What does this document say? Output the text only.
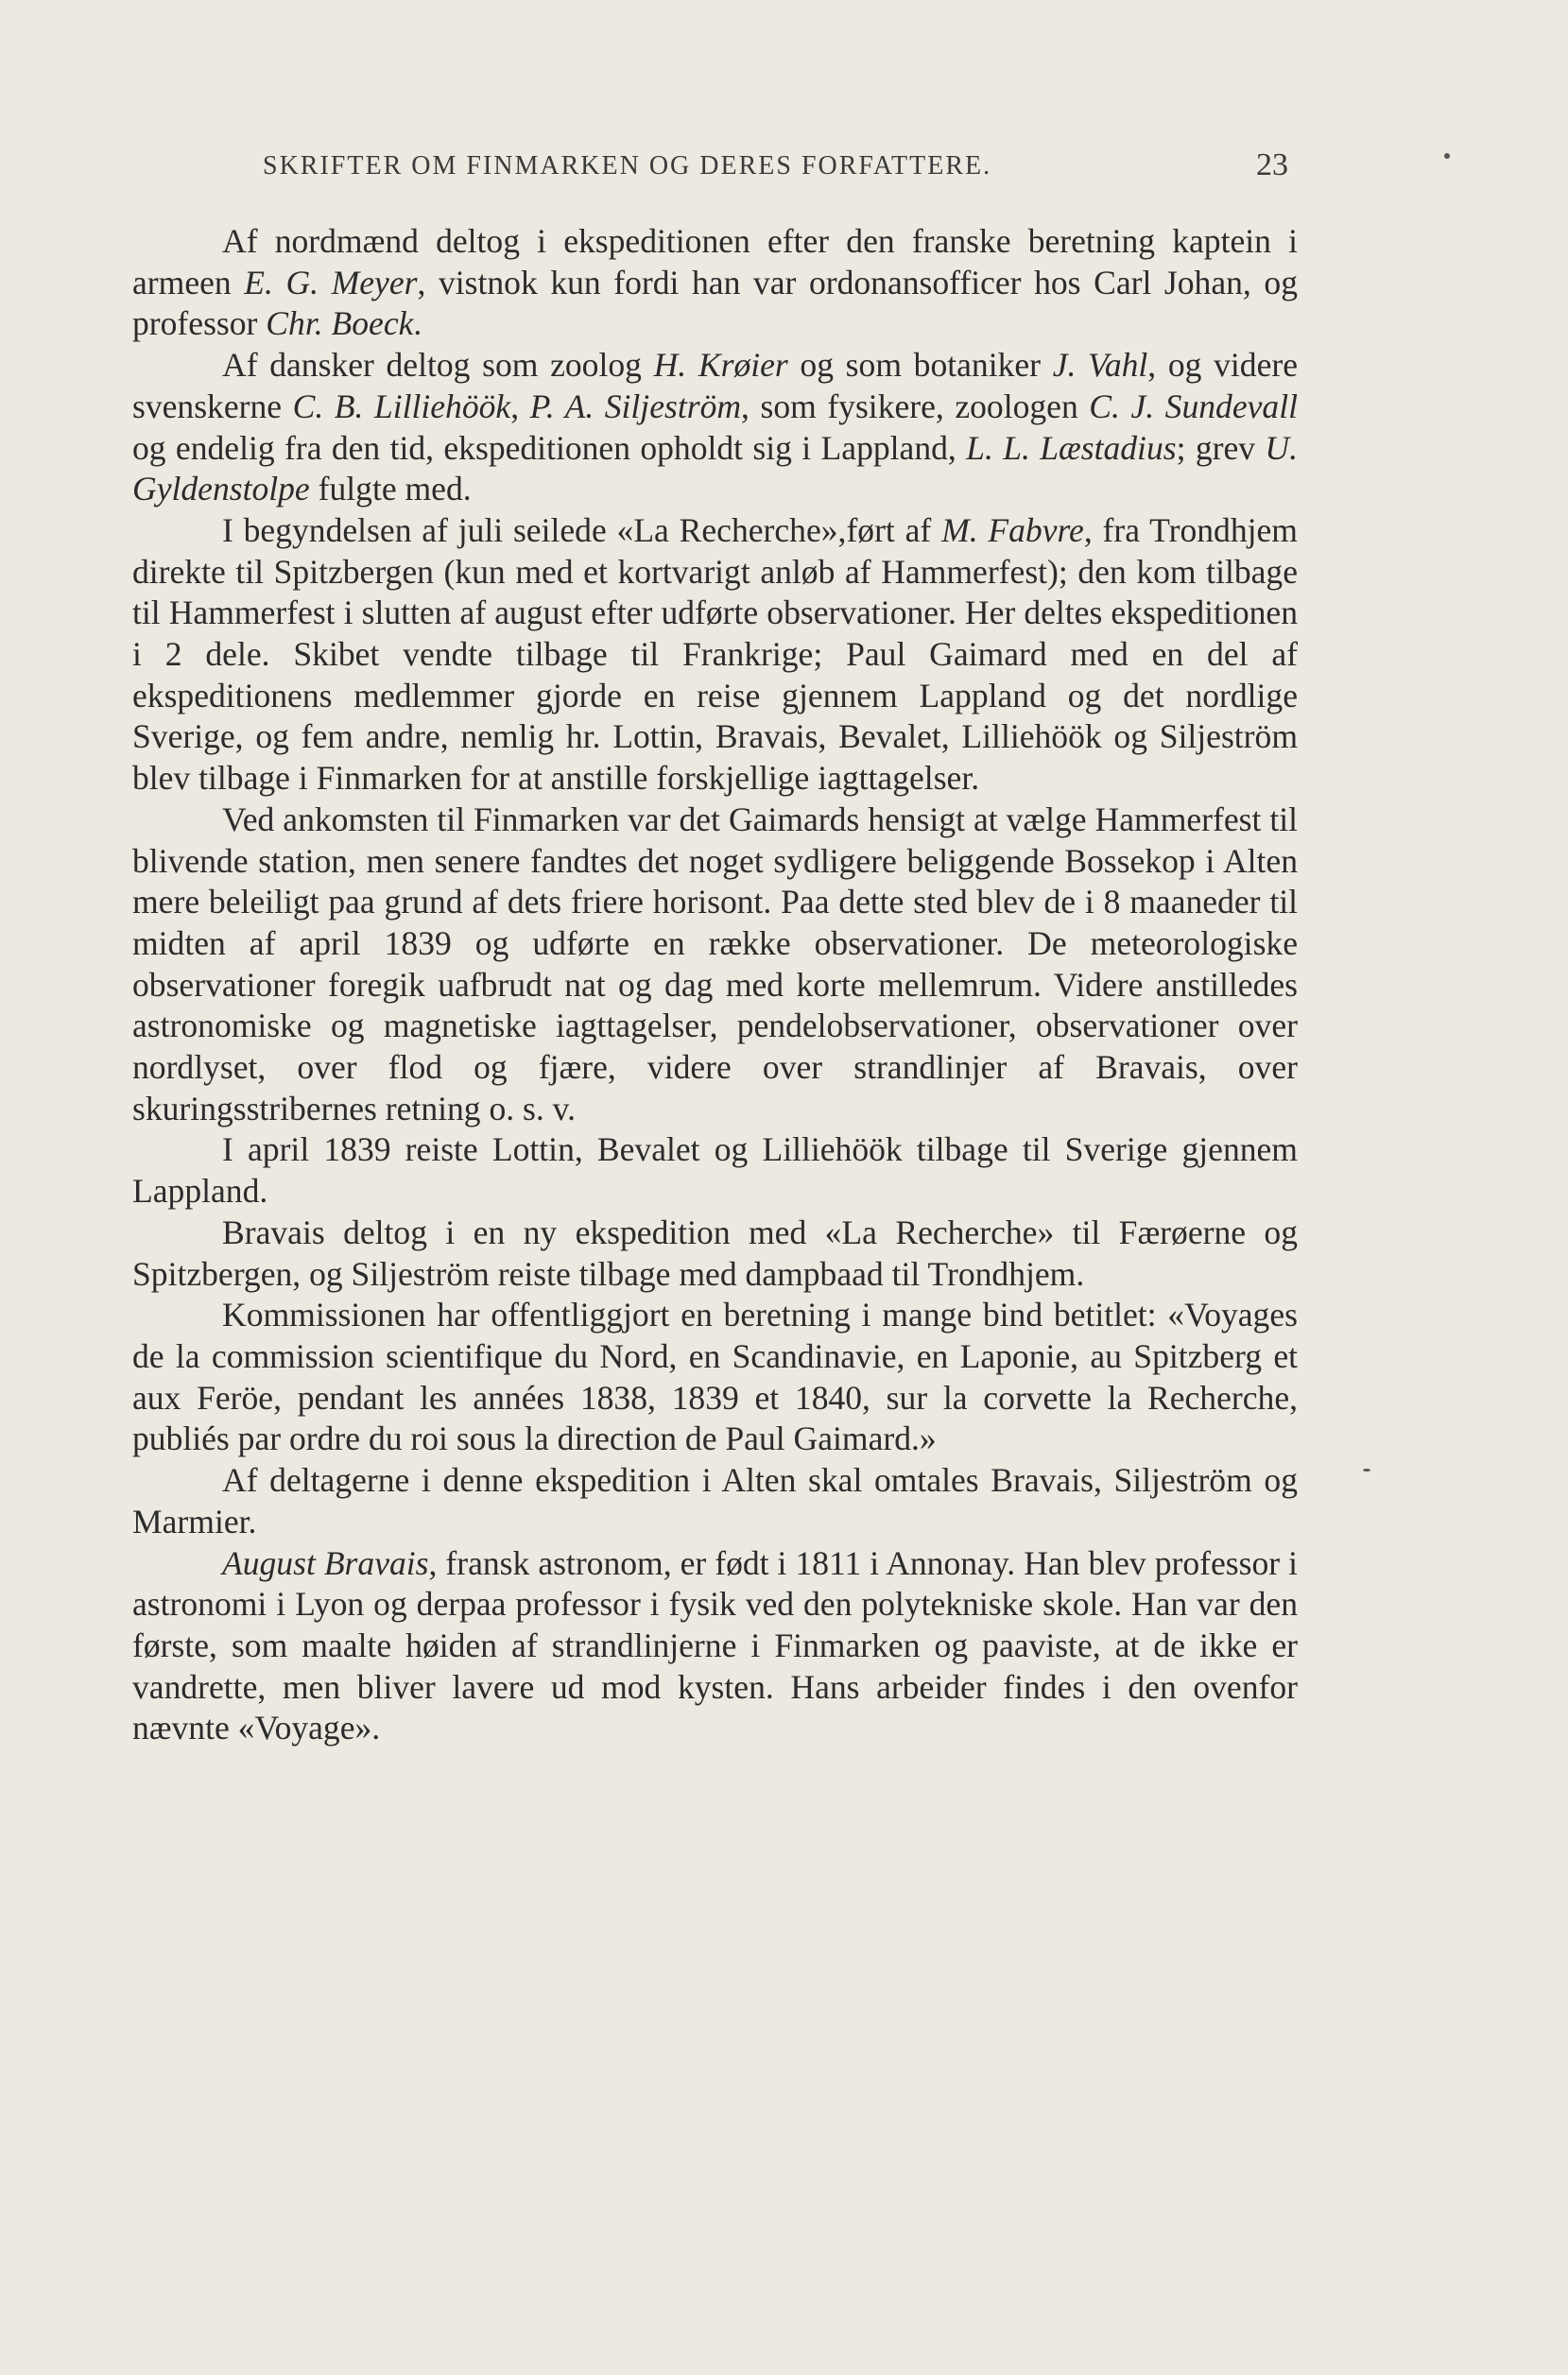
SKRIFTER OM FINMARKEN OG DERES FORFATTERE.	23

Af nordmænd deltog i ekspeditionen efter den franske beretning kaptein i armeen E. G. Meyer, vistnok kun fordi han var ordonansofficer hos Carl Johan, og professor Chr. Boeck.

Af dansker deltog som zoolog H. Krøier og som botaniker J. Vahl, og videre svenskerne C. B. Lilliehöök, P. A. Siljeström, som fysikere, zoologen C. J. Sundevall og endelig fra den tid, ekspeditionen opholdt sig i Lappland, L. L. Læstadius; grev U. Gyldenstolpe fulgte med.

I begyndelsen af juli seilede «La Recherche»,ført af M. Fabvre, fra Trondhjem direkte til Spitzbergen (kun med et kortvarigt anløb af Hammerfest); den kom tilbage til Hammerfest i slutten af august efter udførte observationer. Her deltes ekspeditionen i 2 dele. Skibet vendte tilbage til Frankrige; Paul Gaimard med en del af ekspeditionens medlemmer gjorde en reise gjennem Lappland og det nordlige Sverige, og fem andre, nemlig hr. Lottin, Bravais, Bevalet, Lilliehöök og Siljeström blev tilbage i Finmarken for at anstille forskjellige iagttagelser.

Ved ankomsten til Finmarken var det Gaimards hensigt at vælge Hammerfest til blivende station, men senere fandtes det noget sydligere beliggende Bossekop i Alten mere beleiligt paa grund af dets friere horisont. Paa dette sted blev de i 8 maaneder til midten af april 1839 og udførte en række observationer. De meteorologiske observationer foregik uafbrudt nat og dag med korte mellemrum. Videre anstilledes astronomiske og magnetiske iagttagelser, pendelobservationer, observationer over nordlyset, over flod og fjære, videre over strandlinjer af Bravais, over skuringsstribernes retning o. s. v.

I april 1839 reiste Lottin, Bevalet og Lilliehöök tilbage til Sverige gjennem Lappland.

Bravais deltog i en ny ekspedition med «La Recherche» til Færøerne og Spitzbergen, og Siljeström reiste tilbage med dampbaad til Trondhjem.

Kommissionen har offentliggjort en beretning i mange bind betitlet: «Voyages de la commission scientifique du Nord, en Scandinavie, en Laponie, au Spitzberg et aux Feröe, pendant les années 1838, 1839 et 1840, sur la corvette la Recherche, publiés par ordre du roi sous la direction de Paul Gaimard.»

Af deltagerne i denne ekspedition i Alten skal omtales Bravais, Siljeström og Marmier.

August Bravais, fransk astronom, er født i 1811 i Annonay. Han blev professor i astronomi i Lyon og derpaa professor i fysik ved den polytekniske skole. Han var den første, som maalte høiden af strandlinjerne i Finmarken og paaviste, at de ikke er vandrette, men bliver lavere ud mod kysten. Hans arbeider findes i den ovenfor nævnte «Voyage».
